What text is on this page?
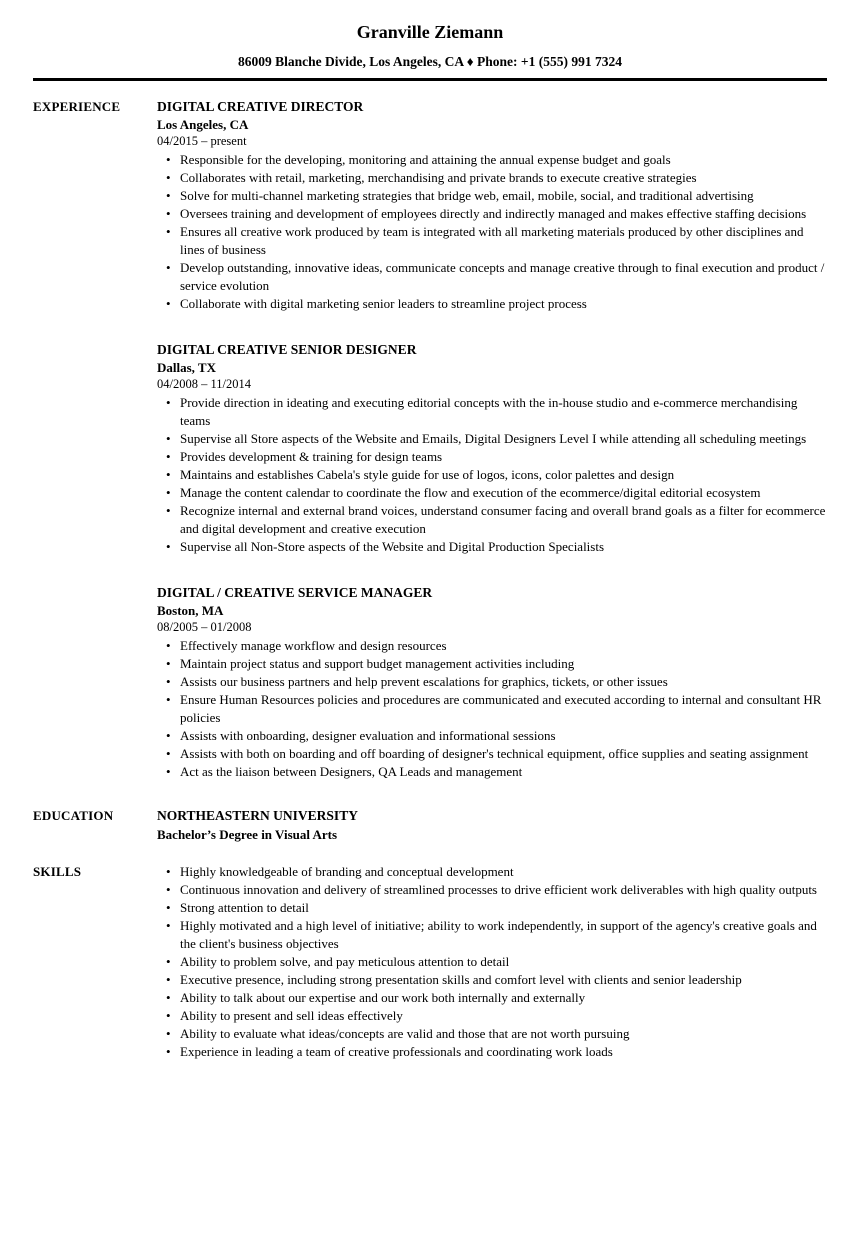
Granville Ziemann
86009 Blanche Divide, Los Angeles, CA ♦ Phone: +1 (555) 991 7324
EXPERIENCE	DIGITAL CREATIVE DIRECTOR
Los Angeles, CA
04/2015 – present
• Responsible for the developing, monitoring and attaining the annual expense budget and goals
• Collaborates with retail, marketing, merchandising and private brands to execute creative strategies
• Solve for multi-channel marketing strategies that bridge web, email, mobile, social, and traditional advertising
• Oversees training and development of employees directly and indirectly managed and makes effective staffing decisions
• Ensures all creative work produced by team is integrated with all marketing materials produced by other disciplines and lines of business
• Develop outstanding, innovative ideas, communicate concepts and manage creative through to final execution and product / service evolution
• Collaborate with digital marketing senior leaders to streamline project process
DIGITAL CREATIVE SENIOR DESIGNER
Dallas, TX
04/2008 – 11/2014
• Provide direction in ideating and executing editorial concepts with the in-house studio and e-commerce merchandising teams
• Supervise all Store aspects of the Website and Emails, Digital Designers Level I while attending all scheduling meetings
• Provides development & training for design teams
• Maintains and establishes Cabela's style guide for use of logos, icons, color palettes and design
• Manage the content calendar to coordinate the flow and execution of the ecommerce/digital editorial ecosystem
• Recognize internal and external brand voices, understand consumer facing and overall brand goals as a filter for ecommerce and digital development and creative execution
• Supervise all Non-Store aspects of the Website and Digital Production Specialists
DIGITAL / CREATIVE SERVICE MANAGER
Boston, MA
08/2005 – 01/2008
• Effectively manage workflow and design resources
• Maintain project status and support budget management activities including
• Assists our business partners and help prevent escalations for graphics, tickets, or other issues
• Ensure Human Resources policies and procedures are communicated and executed according to internal and consultant HR policies
• Assists with onboarding, designer evaluation and informational sessions
• Assists with both on boarding and off boarding of designer's technical equipment, office supplies and seating assignment
• Act as the liaison between Designers, QA Leads and management
EDUCATION	NORTHEASTERN UNIVERSITY
Bachelor’s Degree in Visual Arts
SKILLS	• Highly knowledgeable of branding and conceptual development
• Continuous innovation and delivery of streamlined processes to drive efficient work deliverables with high quality outputs
• Strong attention to detail
• Highly motivated and a high level of initiative; ability to work independently, in support of the agency's creative goals and the client's business objectives
• Ability to problem solve, and pay meticulous attention to detail
• Executive presence, including strong presentation skills and comfort level with clients and senior leadership
• Ability to talk about our expertise and our work both internally and externally
• Ability to present and sell ideas effectively
• Ability to evaluate what ideas/concepts are valid and those that are not worth pursuing
• Experience in leading a team of creative professionals and coordinating work loads
